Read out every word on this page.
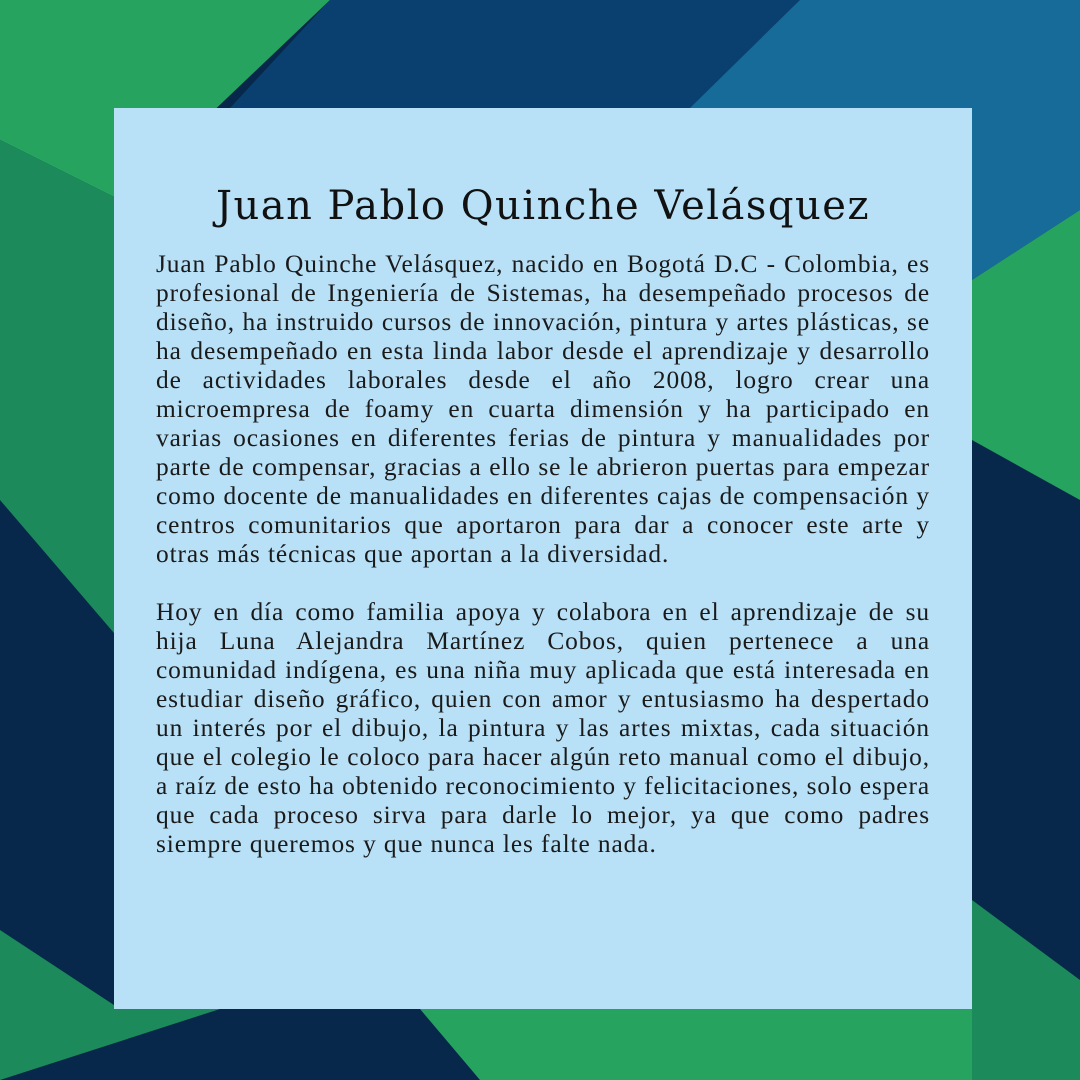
Juan Pablo Quinche Velásquez

Juan Pablo Quinche Velásquez, nacido en Bogotá D.C - Colombia, es profesional de Ingeniería de Sistemas, ha desempeñado procesos de diseño, ha instruido cursos de innovación, pintura y artes plásticas, se ha desempeñado en esta linda labor desde el aprendizaje y desarrollo de actividades laborales desde el año 2008, logro crear una microempresa de foamy en cuarta dimensión y ha participado en varias ocasiones en diferentes ferias de pintura y manualidades por parte de compensar, gracias a ello se le abrieron puertas para empezar como docente de manualidades en diferentes cajas de compensación y centros comunitarios que aportaron para dar a conocer este arte y otras más técnicas que aportan a la diversidad.

Hoy en día como familia apoya y colabora en el aprendizaje de su hija Luna Alejandra Martínez Cobos, quien pertenece a una comunidad indígena, es una niña muy aplicada que está interesada en estudiar diseño gráfico, quien con amor y entusiasmo ha despertado un interés por el dibujo, la pintura y las artes mixtas, cada situación que el colegio le coloco para hacer algún reto manual como el dibujo, a raíz de esto ha obtenido reconocimiento y felicitaciones, solo espera que cada proceso sirva para darle lo mejor, ya que como padres siempre queremos y que nunca les falte nada.
